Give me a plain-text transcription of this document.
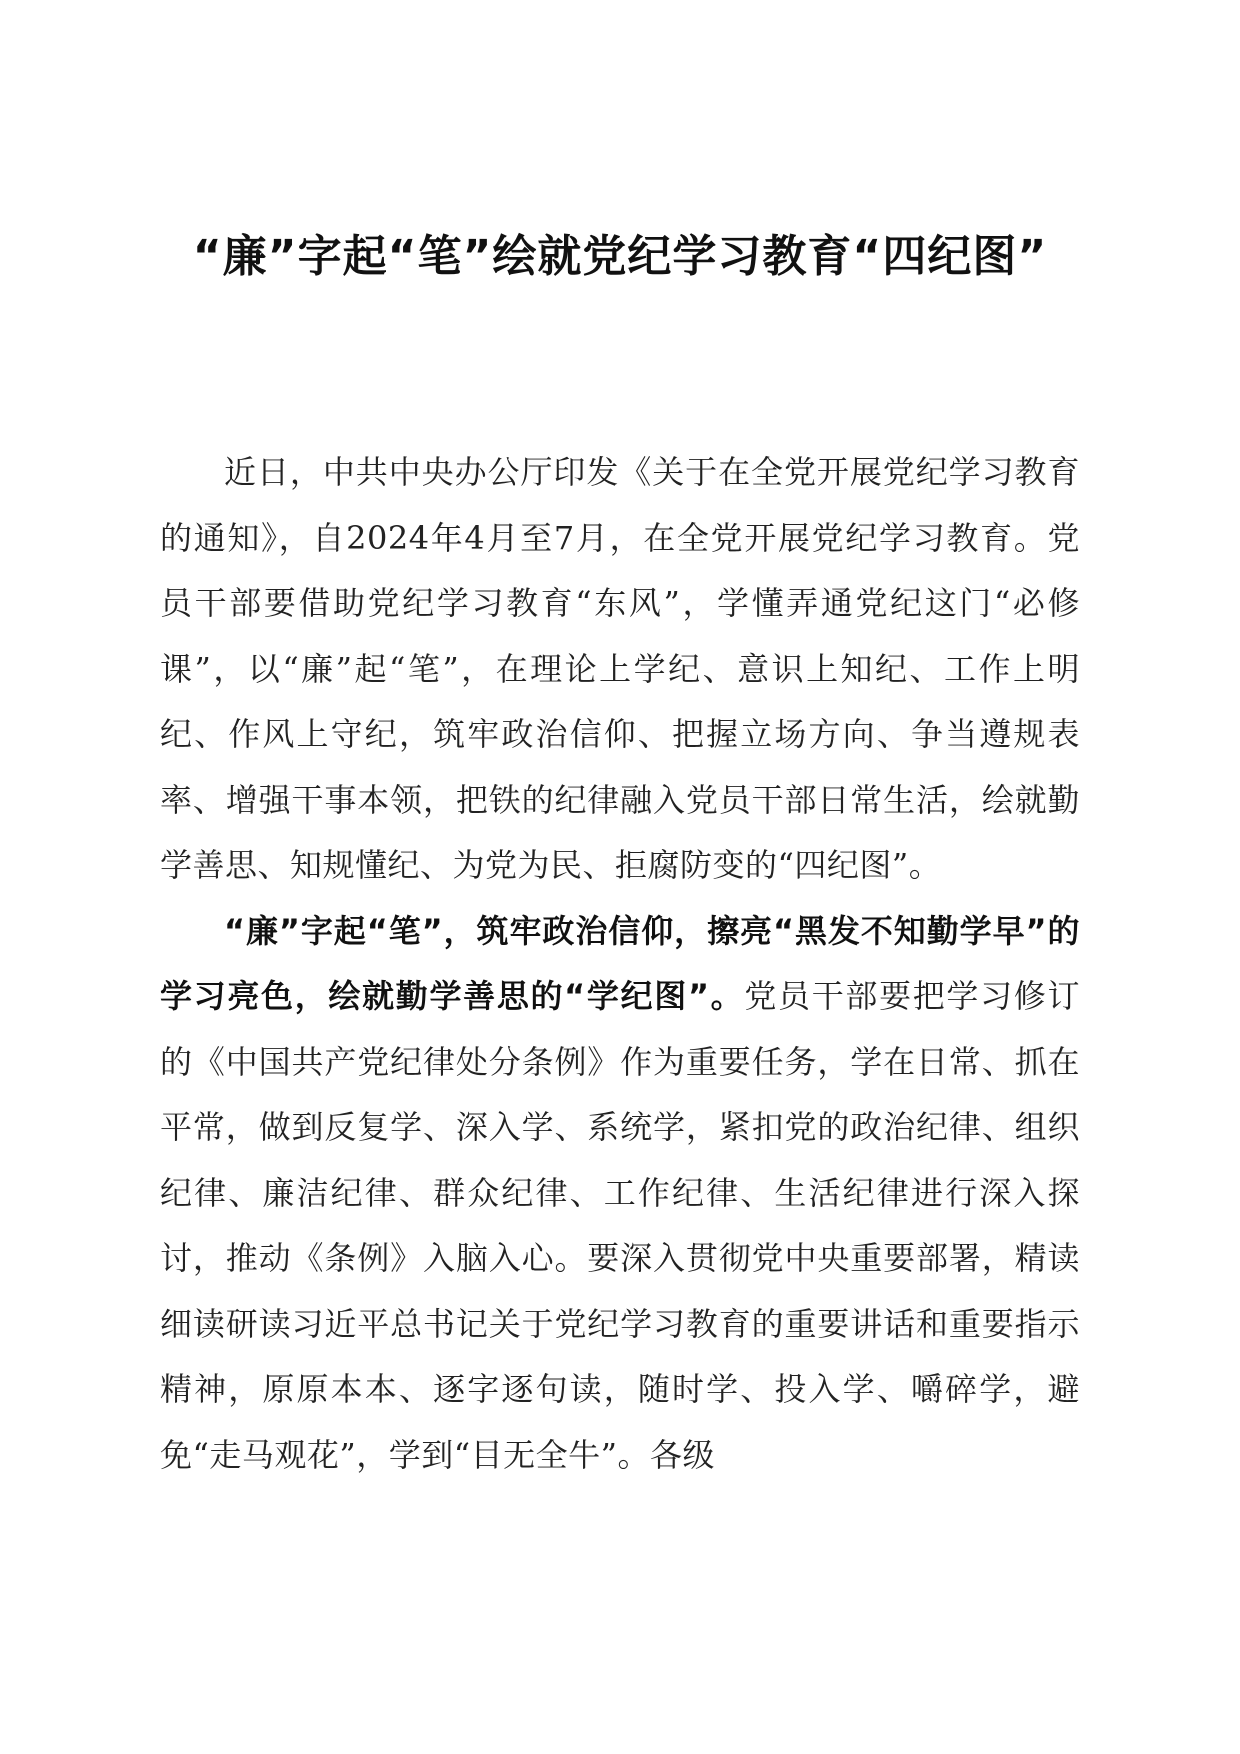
“廉”字起“笔”绘就党纪学习教育“四纪图”

近日，中共中央办公厅印发《关于在全党开展党纪学习教育的通知》，自2024年4月至7月，在全党开展党纪学习教育。党员干部要借助党纪学习教育“东风”，学懂弄通党纪这门“必修课”，以“廉”起“笔”，在理论上学纪、意识上知纪、工作上明纪、作风上守纪，筑牢政治信仰、把握立场方向、争当遵规表率、增强干事本领，把铁的纪律融入党员干部日常生活，绘就勤学善思、知规懂纪、为党为民、拒腐防变的“四纪图”。

“廉”字起“笔”，筑牢政治信仰，擦亮“黑发不知勤学早”的学习亮色，绘就勤学善思的“学纪图”。党员干部要把学习修订的《中国共产党纪律处分条例》作为重要任务，学在日常、抓在平常，做到反复学、深入学、系统学，紧扣党的政治纪律、组织纪律、廉洁纪律、群众纪律、工作纪律、生活纪律进行深入探讨，推动《条例》入脑入心。要深入贯彻党中央重要部署，精读细读研读习近平总书记关于党纪学习教育的重要讲话和重要指示精神，原原本本、逐字逐句读，随时学、投入学、嚼碎学，避免“走马观花”，学到“目无全牛”。各级
